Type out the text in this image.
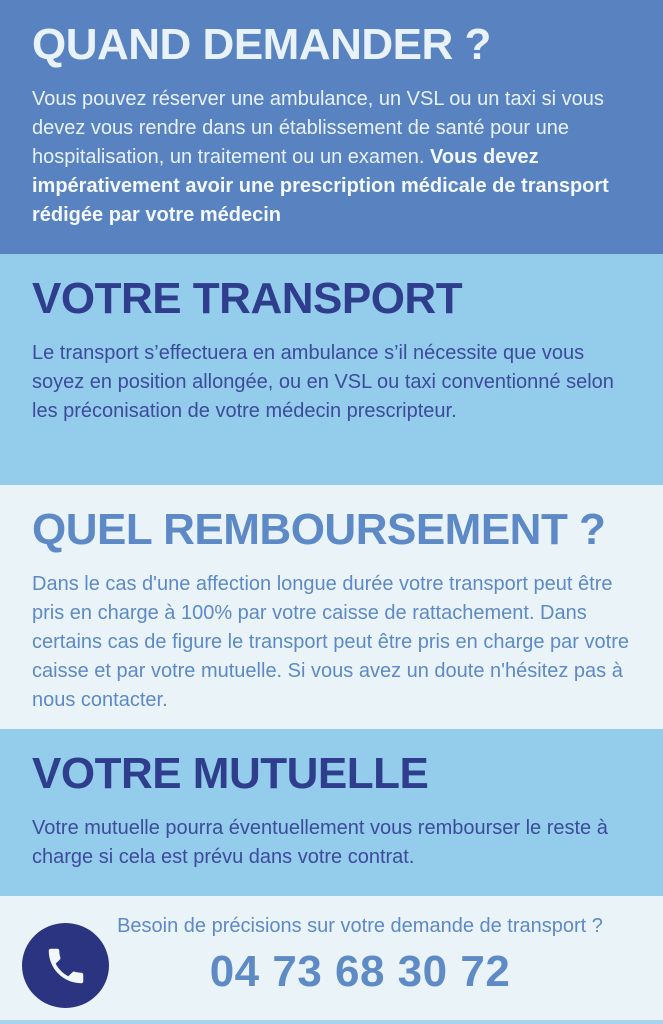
QUAND DEMANDER ?

Vous pouvez réserver une ambulance, un VSL ou un taxi si vous devez vous rendre dans un établissement de santé pour une hospitalisation, un traitement ou un examen. Vous devez impérativement avoir une prescription médicale de transport rédigée par votre médecin

VOTRE TRANSPORT

Le transport s’effectuera en ambulance s’il nécessite que vous soyez en position allongée, ou en VSL ou taxi conventionné selon les préconisation de votre médecin prescripteur.

QUEL REMBOURSEMENT ?

Dans le cas d'une affection longue durée votre transport peut être pris en charge à 100% par votre caisse de rattachement. Dans certains cas de figure le transport peut être pris en charge par votre caisse et par votre mutuelle. Si vous avez un doute n'hésitez pas à nous contacter.

VOTRE MUTUELLE

Votre mutuelle pourra éventuellement vous rembourser le reste à charge si cela est prévu dans votre contrat.

Besoin de précisions sur votre demande de transport ?

04 73 68 30 72
